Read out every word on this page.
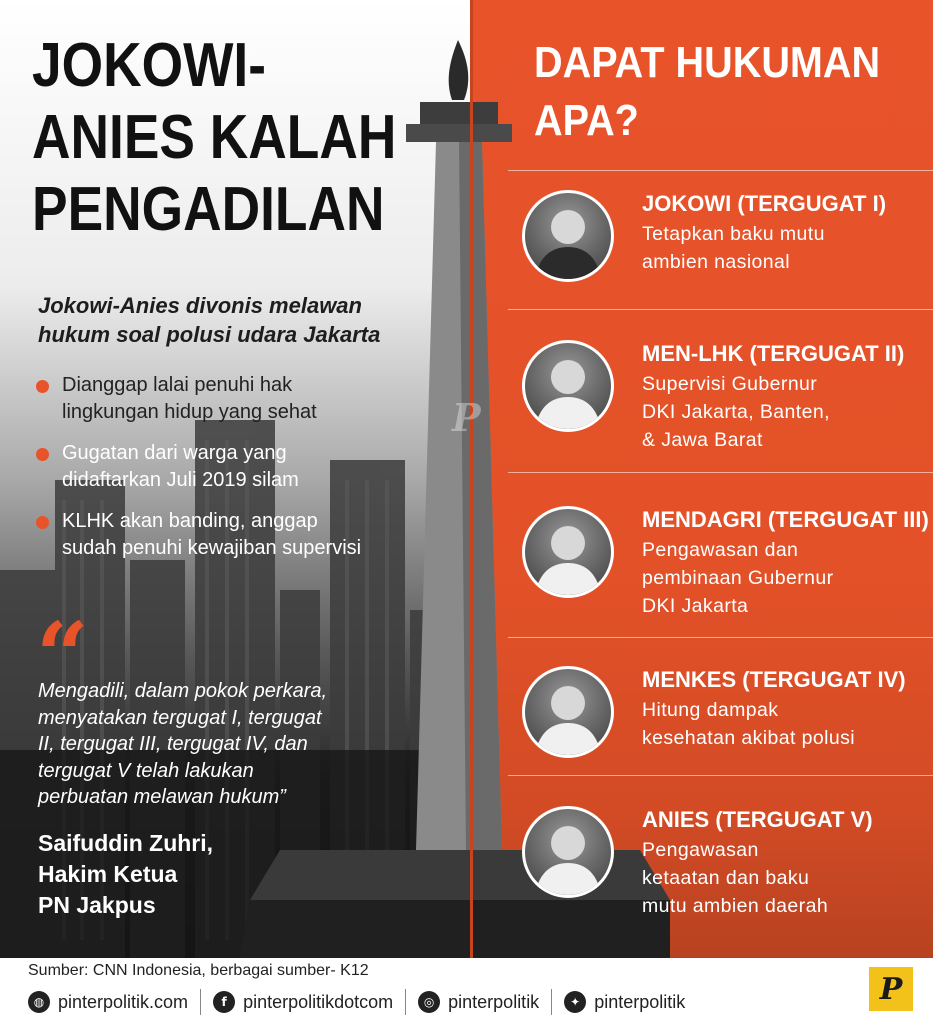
JOKOWI-
ANIES KALAH
PENGADILAN
Jokowi-Anies divonis melawan
hukum soal polusi udara Jakarta
Dianggap lalai penuhi hak
lingkungan hidup yang sehat
Gugatan dari warga yang
didaftarkan Juli 2019 silam
KLHK akan banding, anggap
sudah penuhi kewajiban supervisi
“
Mengadili, dalam pokok perkara,
menyatakan tergugat I, tergugat
II, tergugat III, tergugat IV, dan
tergugat V telah lakukan
perbuatan melawan hukum”
Saifuddin Zuhri,
Hakim Ketua
PN Jakpus
P
DAPAT HUKUMAN
APA?
JOKOWI (TERGUGAT I)
Tetapkan baku mutu
ambien nasional
MEN-LHK (TERGUGAT II)
Supervisi Gubernur
DKI Jakarta, Banten,
& Jawa Barat
MENDAGRI (TERGUGAT III)
Pengawasan dan
pembinaan Gubernur
DKI Jakarta
MENKES (TERGUGAT IV)
Hitung dampak
kesehatan akibat polusi
ANIES (TERGUGAT V)
Pengawasan
ketaatan dan baku
mutu ambien daerah
Sumber: CNN Indonesia, berbagai sumber- K12
◍ pinterpolitik.com	f pinterpolitikdotcom	◎ pinterpolitik	✦ pinterpolitik	P
